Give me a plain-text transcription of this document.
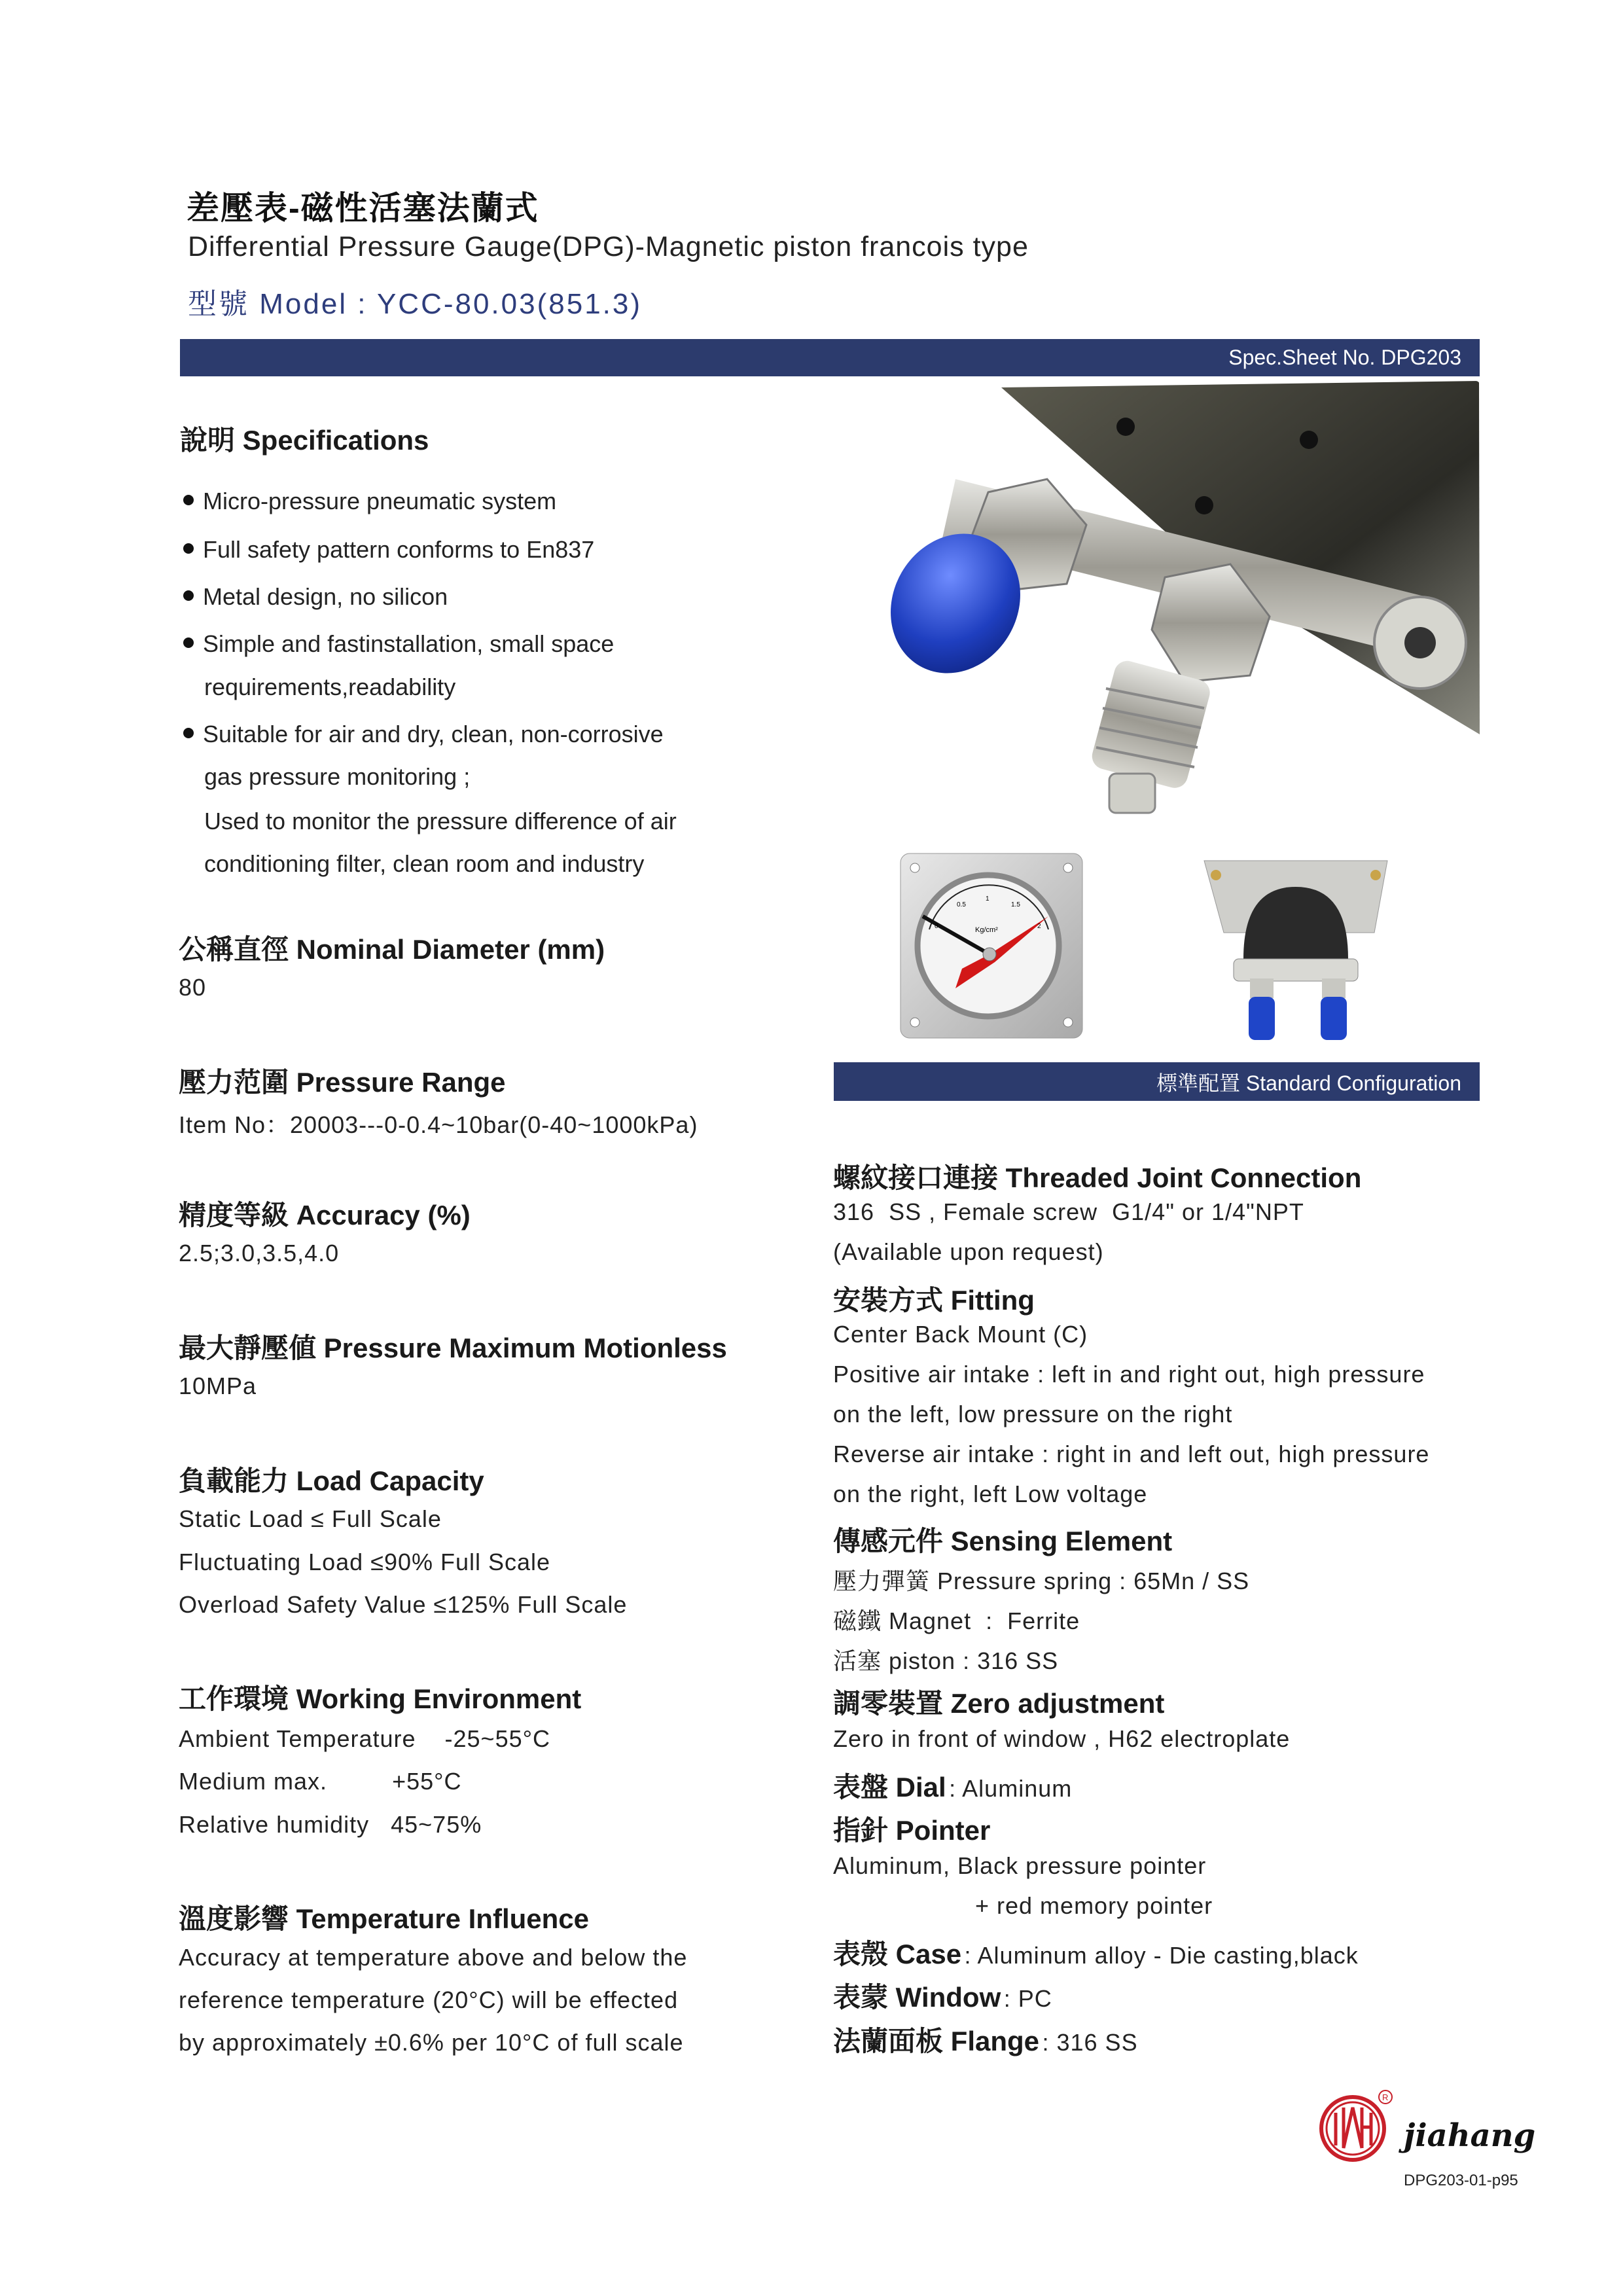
差壓表-磁性活塞法蘭式
Differential Pressure Gauge(DPG)-Magnetic piston francois type
型號 Model : YCC-80.03(851.3)
Spec.Sheet No. DPG203
說明 Specifications
Micro-pressure pneumatic system
Full safety pattern conforms to En837
Metal design, no silicon
Simple and fastinstallation, small space
requirements,readability
Suitable for air and dry, clean, non-corrosive
gas pressure monitoring ;
Used to monitor the pressure difference of air
conditioning filter, clean room and industry
公稱直徑 Nominal Diameter (mm)
80
壓力范圍 Pressure Range
Item No：20003---0-0.4~10bar(0-40~1000kPa)
精度等級 Accuracy (%)
2.5;3.0,3.5,4.0
最大靜壓値 Pressure Maximum Motionless
10MPa
負載能力 Load Capacity
Static Load ≤ Full Scale
Fluctuating Load ≤90% Full Scale
Overload Safety Value ≤125% Full Scale
工作環境 Working Environment
Ambient Temperature    -25~55°C
Medium max.         +55°C
Relative humidity   45~75%
溫度影響 Temperature Influence
Accuracy at temperature above and below the
reference temperature (20°C) will be effected
by approximately ±0.6% per 10°C of full scale
Kg/cm²
0
0.5
1
1.5
2
標準配置 Standard Configuration
螺紋接口連接 Threaded Joint Connection
316  SS , Female screw  G1/4" or 1/4"NPT
(Available upon request)
安裝方式 Fitting
Center Back Mount (C)
Positive air intake : left in and right out, high pressure
on the left, low pressure on the right
Reverse air intake : right in and left out, high pressure
on the right, left Low voltage
傳感元件 Sensing Element
壓力彈簧 Pressure spring : 65Mn / SS
磁鐵 Magnet  :  Ferrite
活塞 piston : 316 SS
調零裝置 Zero adjustment
Zero in front of window , H62 electroplate
表盤 Dial : Aluminum
指針 Pointer
Aluminum, Black pressure pointer
+ red memory pointer
表殼 Case : Aluminum alloy - Die casting,black
表蒙 Window : PC
法蘭面板 Flange : 316 SS
R
jiahang
DPG203-01-p95
